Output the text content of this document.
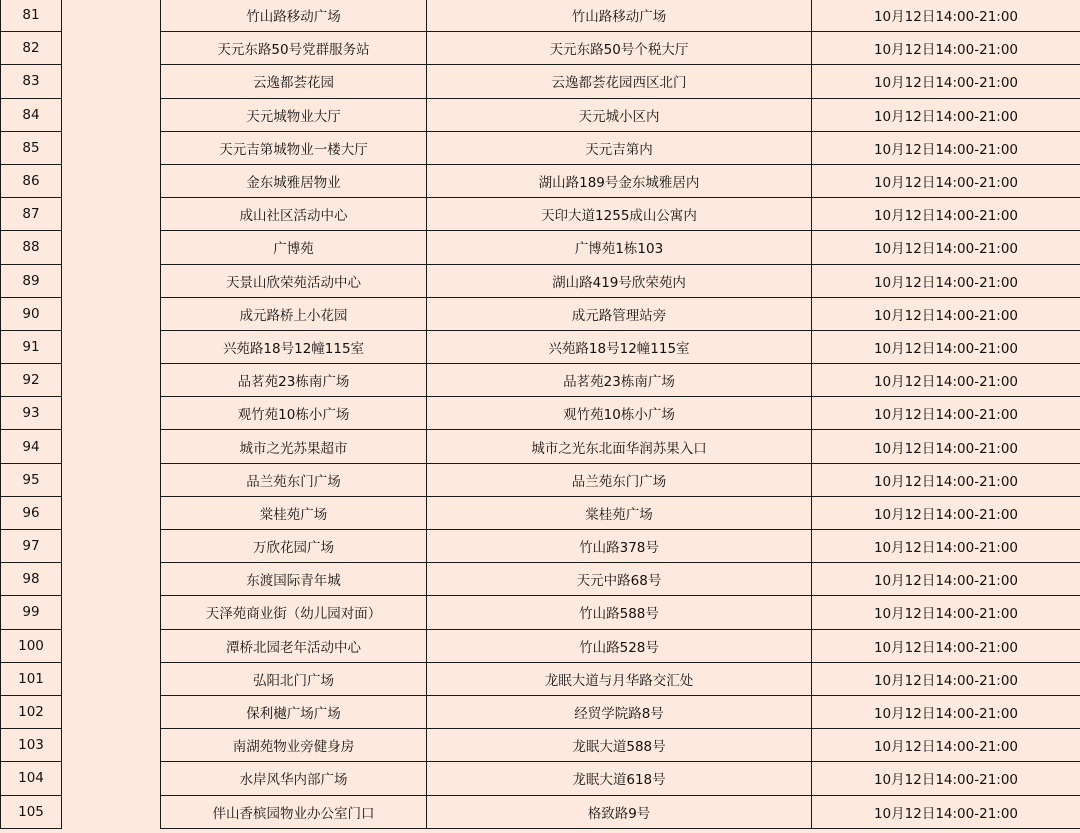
81		竹山路移动广场	竹山路移动广场	10月12日14:00-21:00
82		天元东路50号党群服务站	天元东路50号个税大厅	10月12日14:00-21:00
83		云逸都荟花园	云逸都荟花园西区北门	10月12日14:00-21:00
84		天元城物业大厅	天元城小区内	10月12日14:00-21:00
85		天元吉第城物业一楼大厅	天元吉第内	10月12日14:00-21:00
86		金东城雅居物业	湖山路189号金东城雅居内	10月12日14:00-21:00
87		成山社区活动中心	天印大道1255成山公寓内	10月12日14:00-21:00
88		广博苑	广博苑1栋103	10月12日14:00-21:00
89		天景山欣荣苑活动中心	湖山路419号欣荣苑内	10月12日14:00-21:00
90		成元路桥上小花园	成元路管理站旁	10月12日14:00-21:00
91		兴苑路18号12幢115室	兴苑路18号12幢115室	10月12日14:00-21:00
92		品茗苑23栋南广场	品茗苑23栋南广场	10月12日14:00-21:00
93		观竹苑10栋小广场	观竹苑10栋小广场	10月12日14:00-21:00
94		城市之光苏果超市	城市之光东北面华润苏果入口	10月12日14:00-21:00
95		品兰苑东门广场	品兰苑东门广场	10月12日14:00-21:00
96		棠桂苑广场	棠桂苑广场	10月12日14:00-21:00
97		万欣花园广场	竹山路378号	10月12日14:00-21:00
98		东渡国际青年城	天元中路68号	10月12日14:00-21:00
99		天泽苑商业街（幼儿园对面）	竹山路588号	10月12日14:00-21:00
100		潭桥北园老年活动中心	竹山路528号	10月12日14:00-21:00
101		弘阳北门广场	龙眠大道与月华路交汇处	10月12日14:00-21:00
102		保利樾广场广场	经贸学院路8号	10月12日14:00-21:00
103		南湖苑物业旁健身房	龙眠大道588号	10月12日14:00-21:00
104		水岸风华内部广场	龙眠大道618号	10月12日14:00-21:00
105		伴山香槟园物业办公室门口	格致路9号	10月12日14:00-21:00
